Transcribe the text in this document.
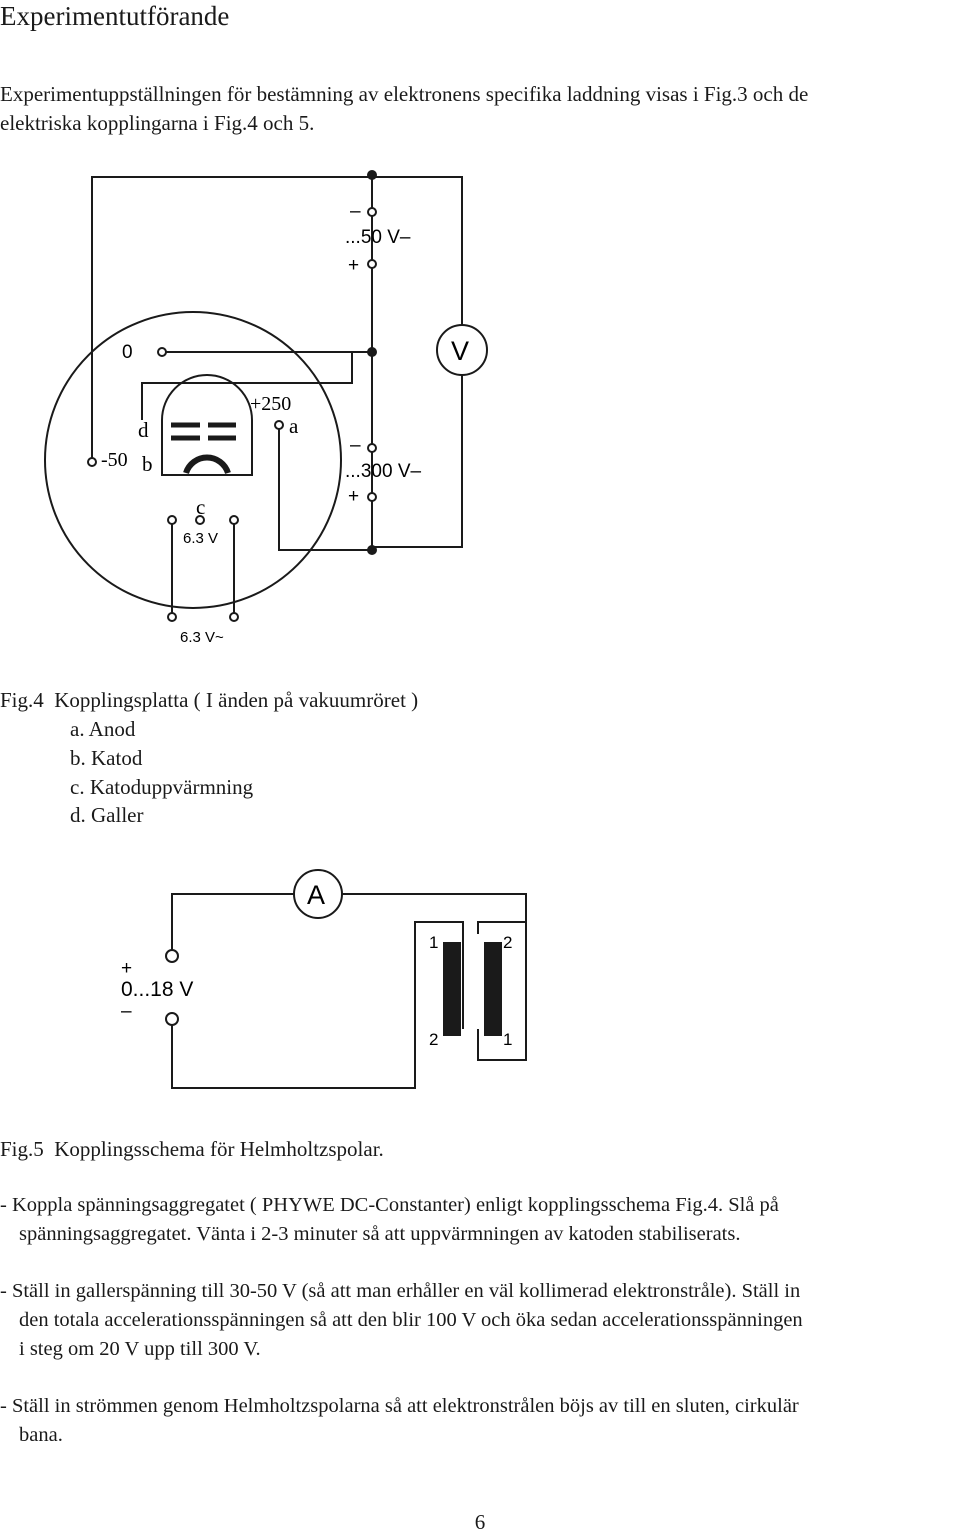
Experimentutförande
Experimentuppställningen för bestämning av elektronens specifika laddning visas i Fig.3 och de
elektriska kopplingarna i Fig.4 och 5.
–
...50 V–
+
V
0
+250
d	a
–
-50 b	...300 V–
+
c
6.3 V
6.3 V~
Fig.4 Kopplingsplatta ( I änden på vakuumröret )
a. Anod
b. Katod
c. Katoduppvärmning
d. Galler
A
+
0...18 V
–
1	2
2	1
Fig.5 Kopplingsschema för Helmholtzspolar.
- Koppla spänningsaggregatet ( PHYWE DC-Constanter) enligt kopplingsschema Fig.4. Slå på
spänningsaggregatet. Vänta i 2-3 minuter så att uppvärmningen av katoden stabiliserats.
- Ställ in gallerspänning till 30-50 V (så att man erhåller en väl kollimerad elektronstråle). Ställ in
den totala accelerationsspänningen så att den blir 100 V och öka sedan accelerationsspänningen
i steg om 20 V upp till 300 V.
- Ställ in strömmen genom Helmholtzspolarna så att elektronstrålen böjs av till en sluten, cirkulär
bana.
6
